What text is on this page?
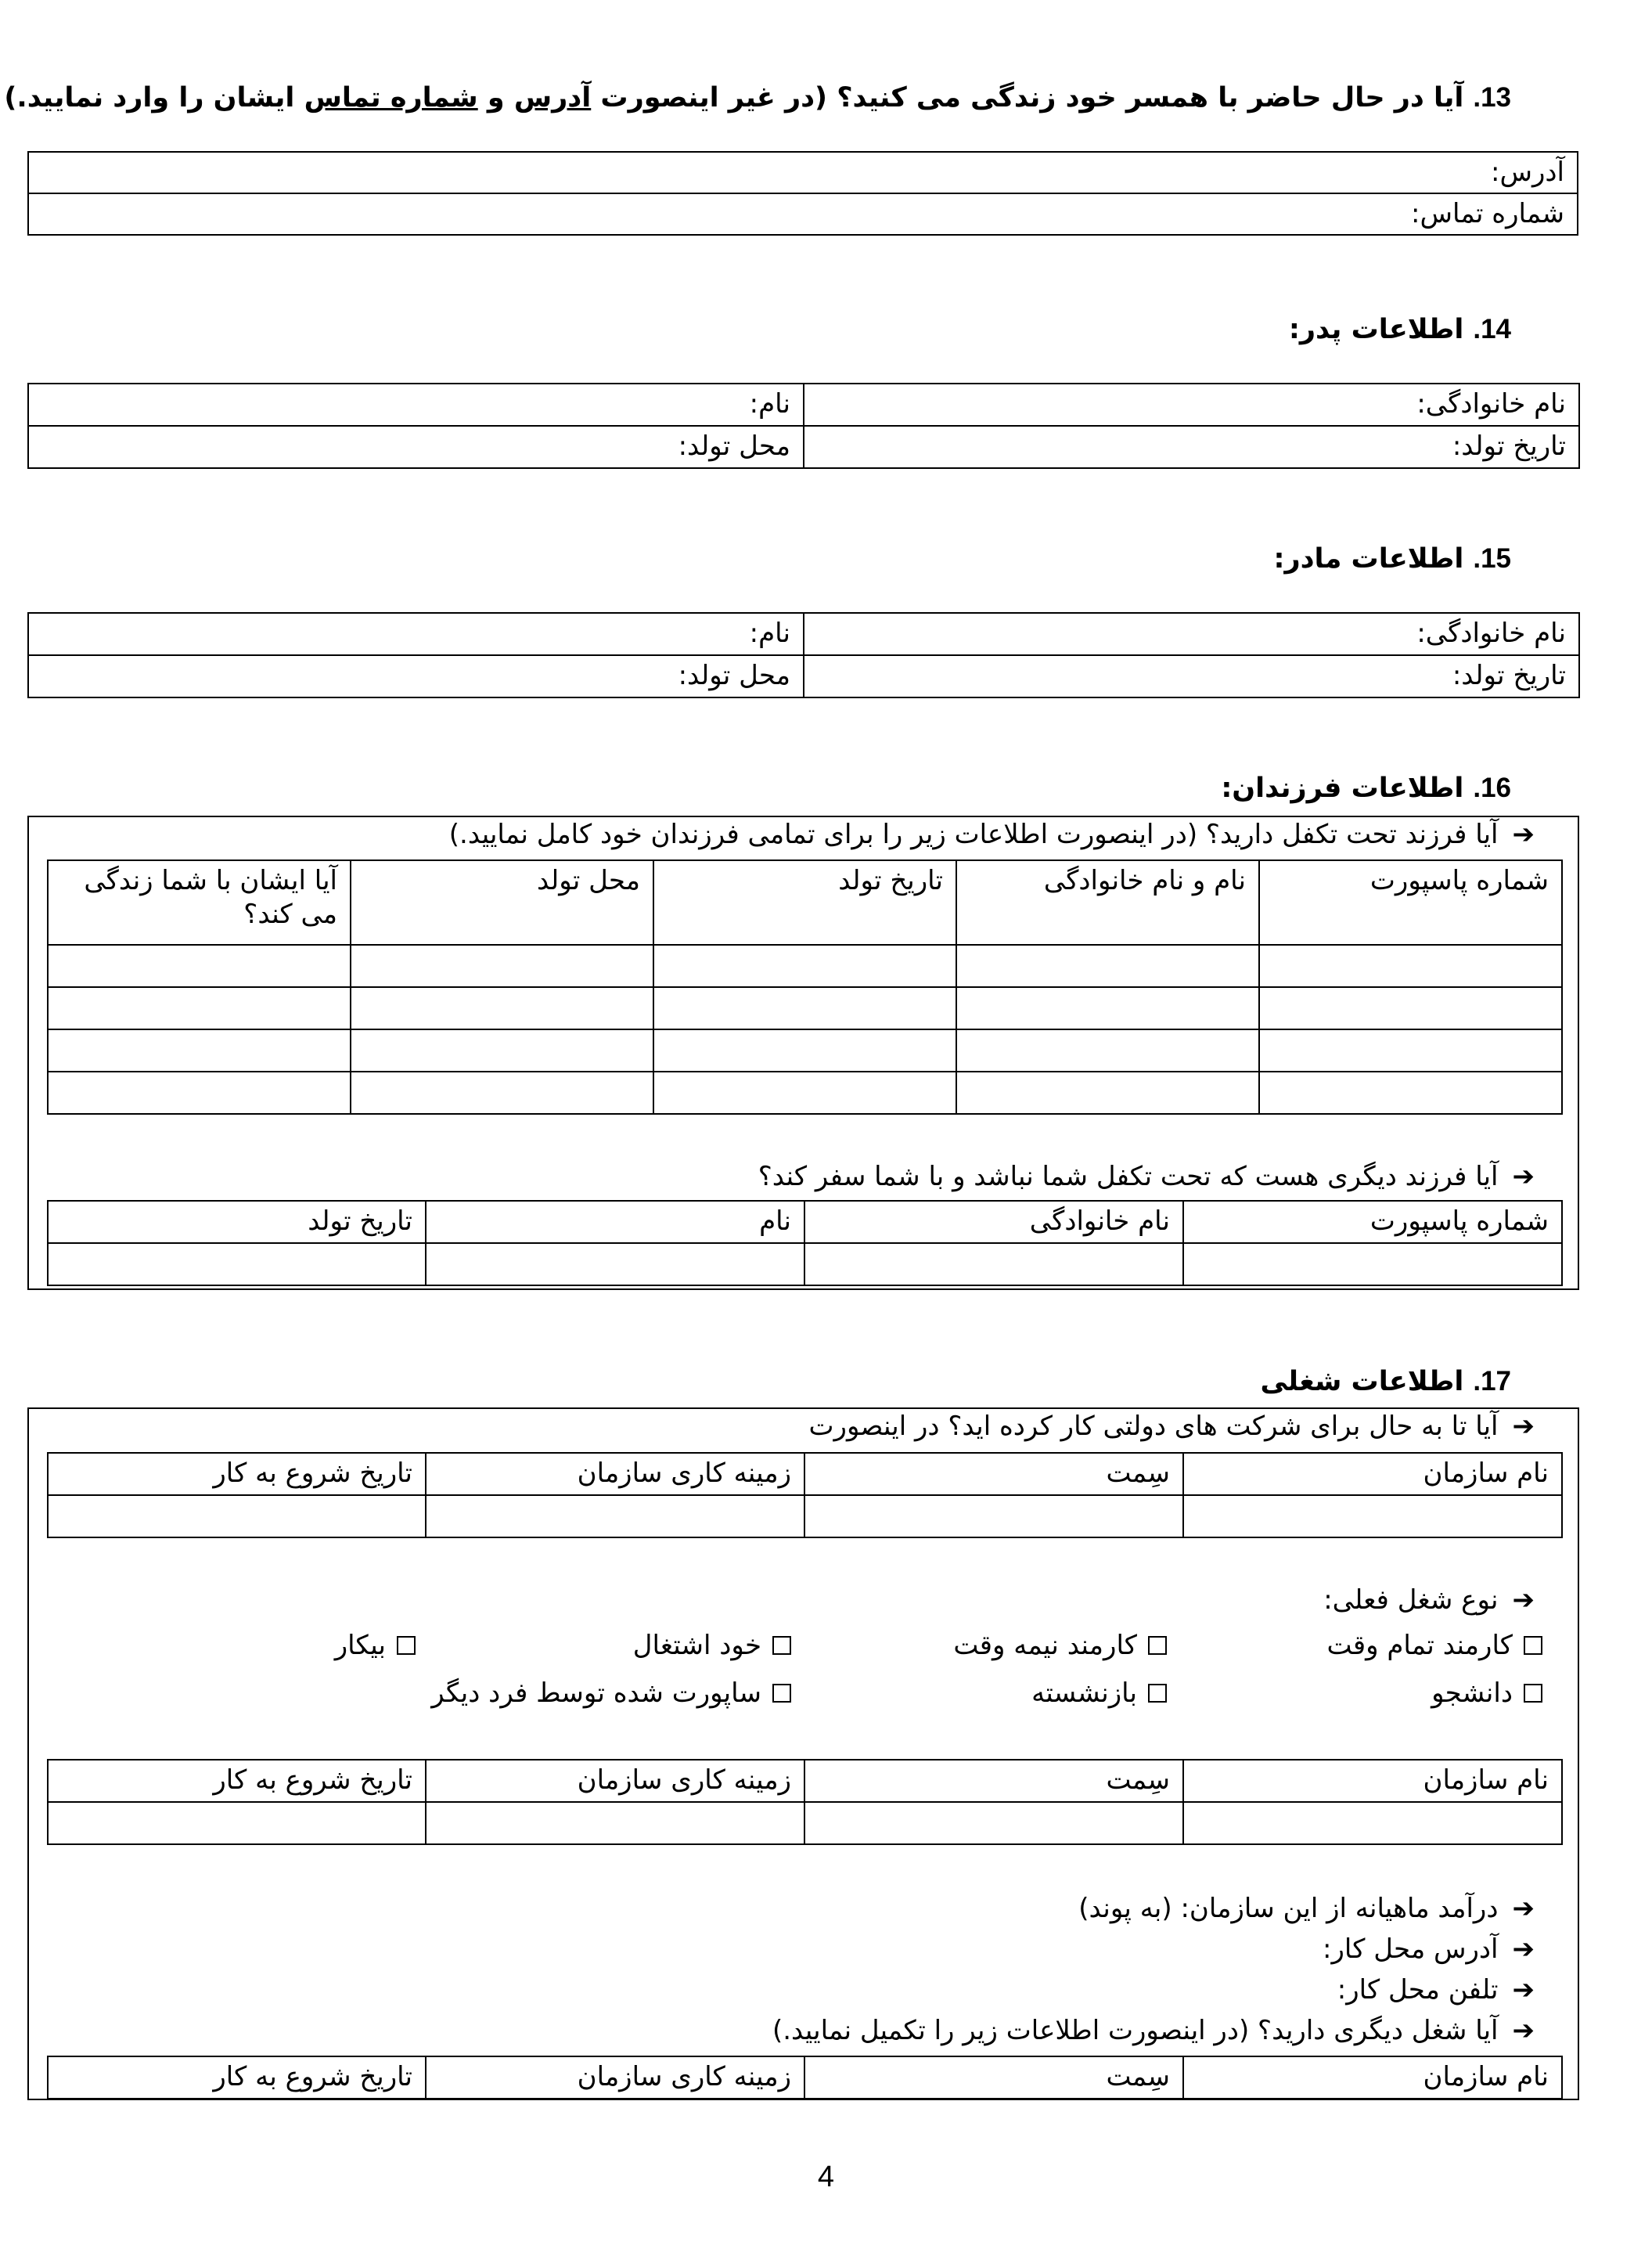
13.آیا در حال حاضر با همسر خود زندگی می کنید؟ (در غیر اینصورت آدرس و شماره تماس ایشان را وارد نمایید.)
آدرس:
شماره تماس:
14.اطلاعات پدر:
نام خانوادگی:	نام:
تاریخ تولد:	محل تولد:
15.اطلاعات مادر:
نام خانوادگی:	نام:
تاریخ تولد:	محل تولد:
16.اطلاعات فرزندان:
➔آیا فرزند تحت تکفل دارید؟ (در اینصورت اطلاعات زیر را برای تمامی فرزندان خود کامل نمایید.)
شماره پاسپورت	نام و نام خانوادگی	تاریخ تولد	محل تولد	آیا ایشان با شما زندگی می کند؟

➔آیا فرزند دیگری هست که تحت تکفل شما نباشد و با شما سفر کند؟
شماره پاسپورت	نام خانوادگی	نام	تاریخ تولد

17.اطلاعات شغلی
➔آیا تا به حال برای شرکت های دولتی کار کرده اید؟ در اینصورت
نام سازمان	سِمت	زمینه کاری سازمان	تاریخ شروع به کار

➔نوع شغل فعلی:
کارمند تمام وقت
کارمند نیمه وقت
خود اشتغال
بیکار
دانشجو
بازنشسته
ساپورت شده توسط فرد دیگر
نام سازمان	سِمت	زمینه کاری سازمان	تاریخ شروع به کار

➔درآمد ماهیانه از این سازمان: (به پوند)
➔آدرس محل کار:
➔تلفن محل کار:
➔آیا شغل دیگری دارید؟ (در اینصورت اطلاعات زیر را تکمیل نمایید.)
نام سازمان	سِمت	زمینه کاری سازمان	تاریخ شروع به کار
4
